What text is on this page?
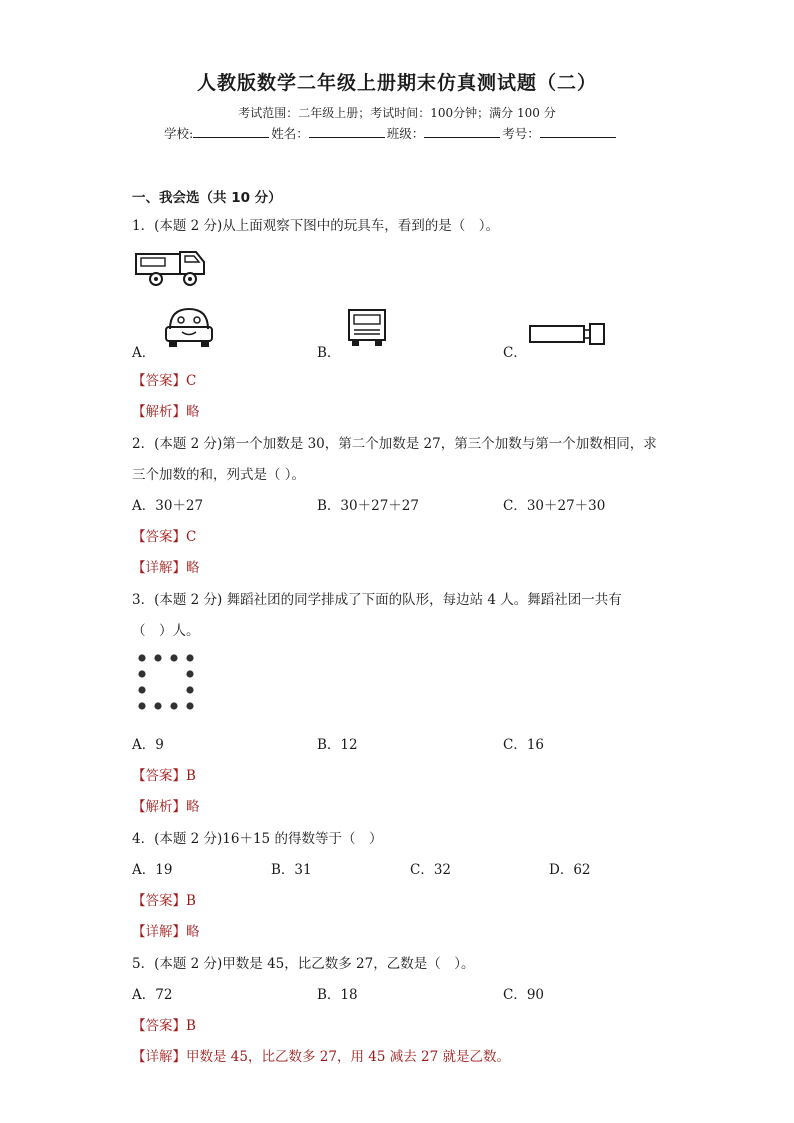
人教版数学二年级上册期末仿真测试题（二）
考试范围：二年级上册；考试时间：100分钟；满分 100 分
学校:	姓名：	班级：	考号：
一、我会选（共 10 分）
1．(本题 2 分)从上面观察下图中的玩具车，看到的是（　）。
A．	B．	C．
【答案】C
【解析】略
2．(本题 2 分)第一个加数是 30，第二个加数是 27，第三个加数与第一个加数相同，求
三个加数的和，列式是（ ）。
A．30＋27	B．30＋27＋27	C．30＋27＋30
【答案】C
【详解】略
3．(本题 2 分) 舞蹈社团的同学排成了下面的队形，每边站 4 人。舞蹈社团一共有
（　）人。
A．9	B．12	C．16
【答案】B
【解析】略
4．(本题 2 分)16＋15 的得数等于（　）
A．19	B．31	C．32	D．62
【答案】B
【详解】略
5．(本题 2 分)甲数是 45，比乙数多 27，乙数是（　）。
A．72	B．18	C．90
【答案】B
【详解】甲数是 45，比乙数多 27，用 45 减去 27 就是乙数。
